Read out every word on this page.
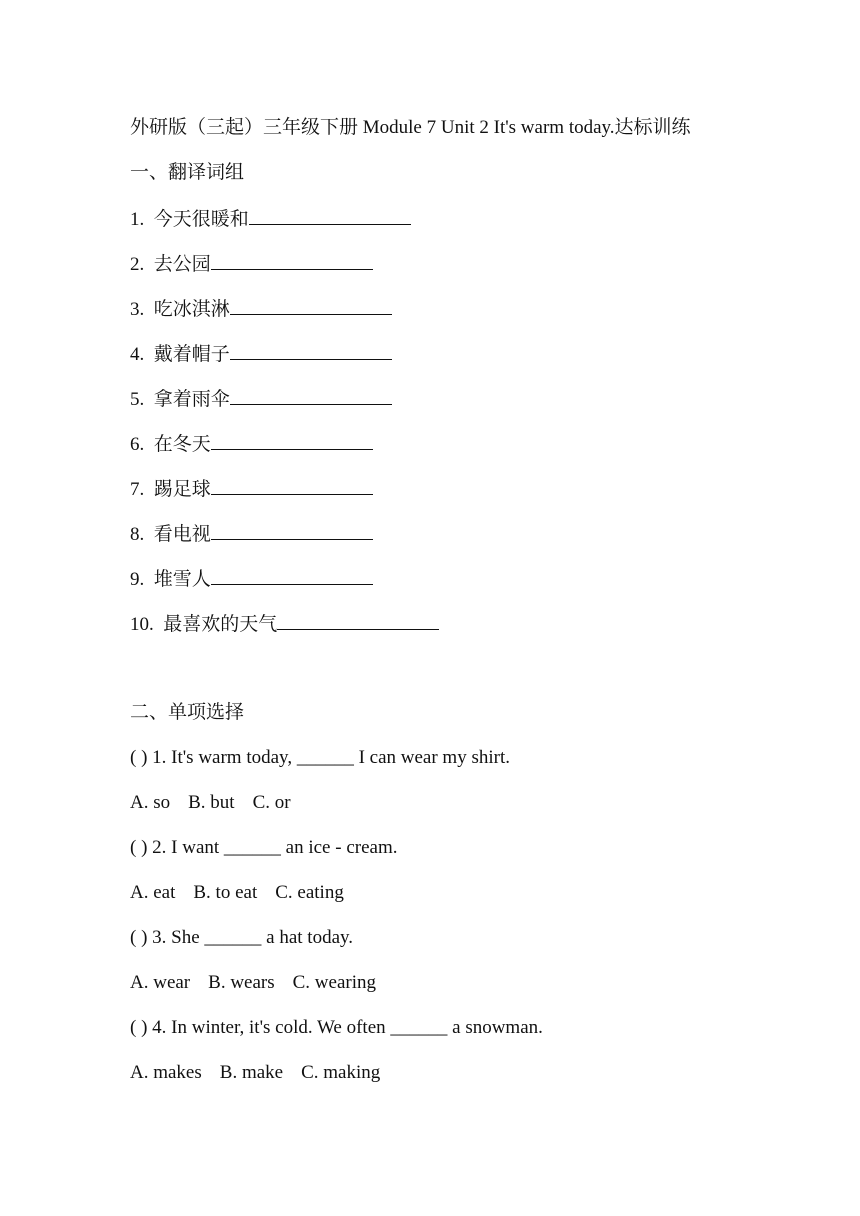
外研版（三起）三年级下册 Module 7 Unit 2 It's warm today.达标训练
一、翻译词组
1. 今天很暖和
2. 去公园
3. 吃冰淇淋
4. 戴着帽子
5. 拿着雨伞
6. 在冬天
7. 踢足球
8. 看电视
9. 堆雪人
10. 最喜欢的天气
二、单项选择
( ) 1. It's warm today, ______ I can wear my shirt.
A. so B. but C. or
( ) 2. I want ______ an ice - cream.
A. eat B. to eat C. eating
( ) 3. She ______ a hat today.
A. wear B. wears C. wearing
( ) 4. In winter, it's cold. We often ______ a snowman.
A. makes B. make C. making
